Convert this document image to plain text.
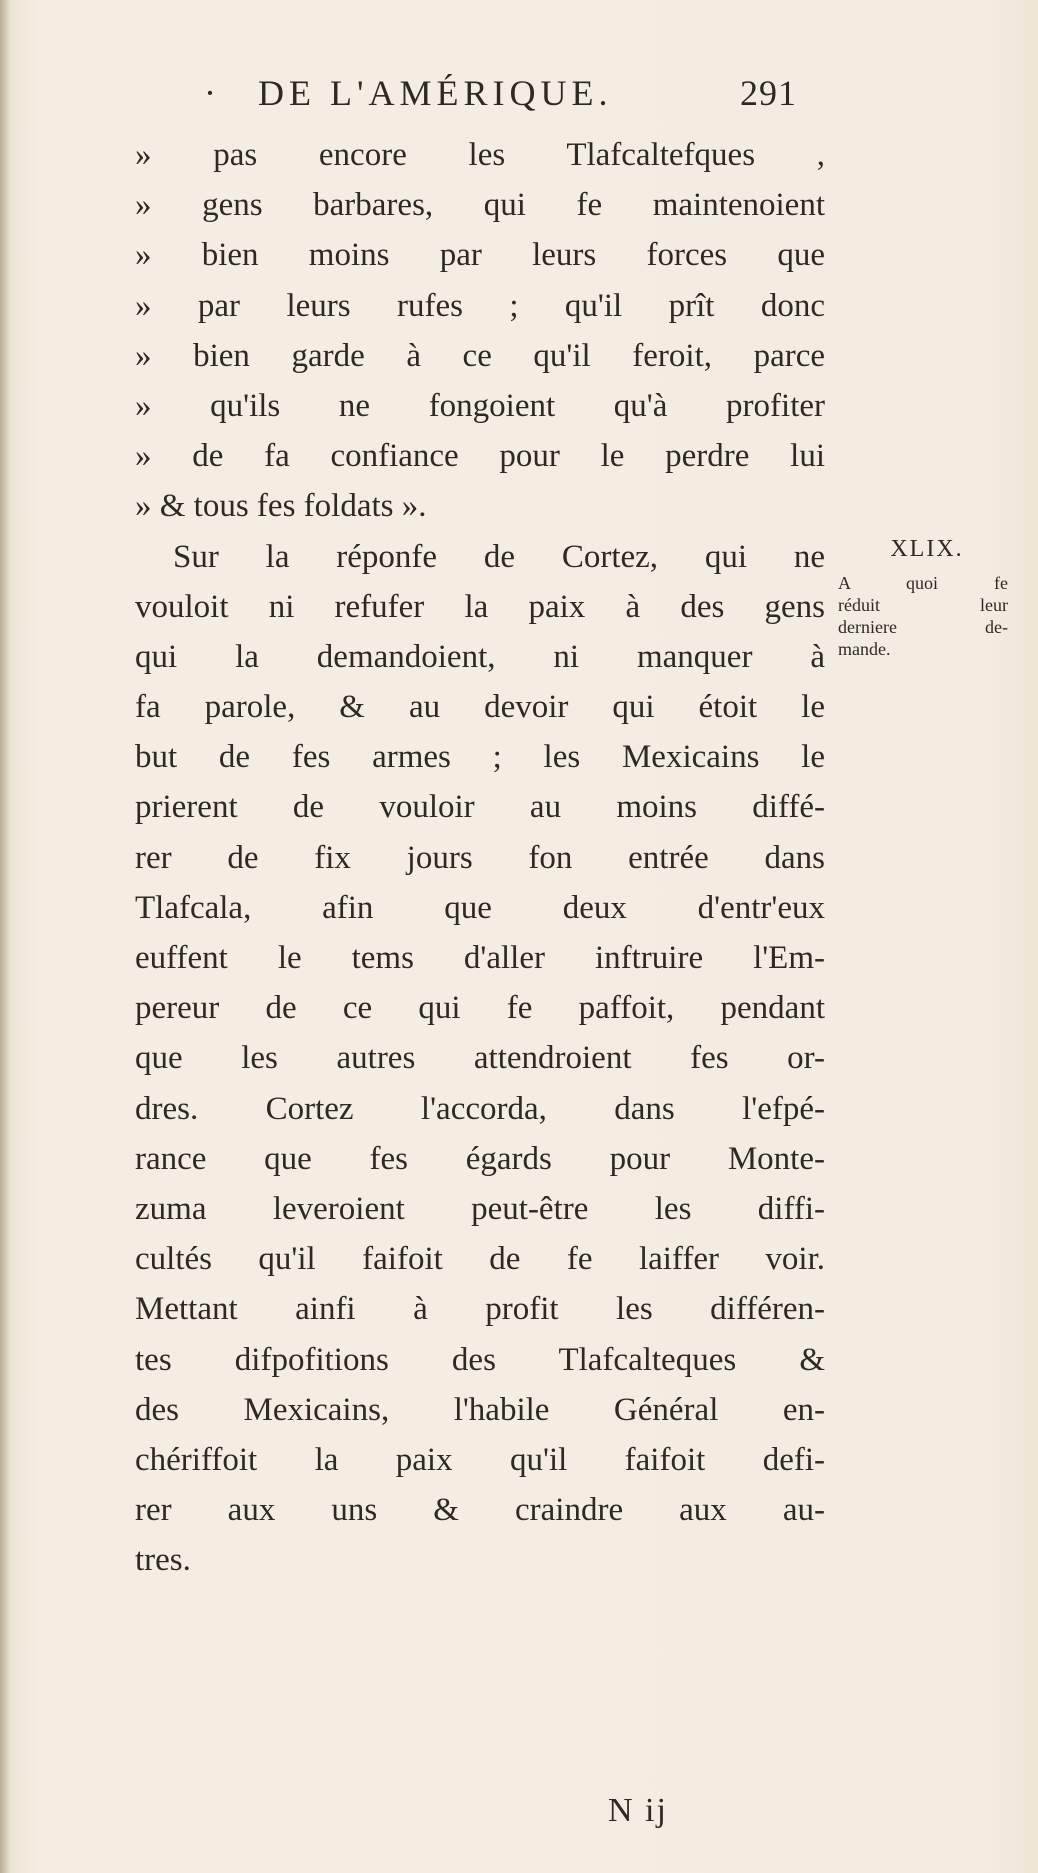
· DE L'AMÉRIQUE.	291
» pas encore les Tlafcaltefques ,
» gens barbares, qui fe maintenoient
» bien moins par leurs forces que
» par leurs rufes ; qu'il prît donc
» bien garde à ce qu'il feroit, parce
» qu'ils ne fongoient qu'à profiter
» de fa confiance pour le perdre lui
» & tous fes foldats ».
Sur la réponfe de Cortez, qui ne
vouloit ni refufer la paix à des gens
qui la demandoient, ni manquer à
fa parole, & au devoir qui étoit le
but de fes armes ; les Mexicains le
prierent de vouloir au moins diffé-
rer de fix jours fon entrée dans
Tlafcala, afin que deux d'entr'eux
euffent le tems d'aller inftruire l'Em-
pereur de ce qui fe paffoit, pendant
que les autres attendroient fes or-
dres. Cortez l'accorda, dans l'efpé-
rance que fes égards pour Monte-
zuma leveroient peut-être les diffi-
cultés qu'il faifoit de fe laiffer voir.
Mettant ainfi à profit les différen-
tes difpofitions des Tlafcalteques &
des Mexicains, l'habile Général en-
chériffoit la paix qu'il faifoit defi-
rer aux uns & craindre aux au-
tres.
XLIX.
A quoi fe
réduit leur
derniere de-
mande.
N ij
